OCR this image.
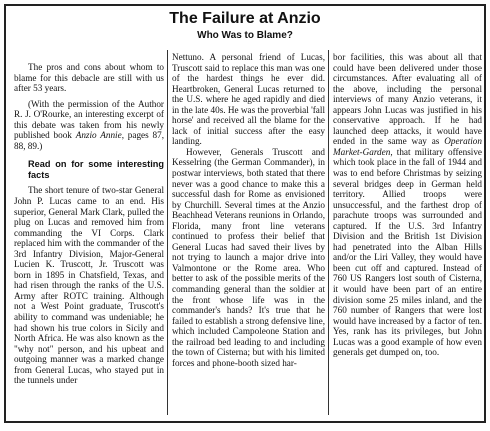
The Failure at Anzio
Who Was to Blame?

The pros and cons about whom to blame for this debacle are still with us after 53 years.

(With the permission of the Author R. J. O'Rourke, an interesting excerpt of this debate was taken from his newly published book Anzio Annie, pages 87, 88, 89.)

Read on for some interesting facts

The short tenure of two-star General John P. Lucas came to an end. His superior, General Mark Clark, pulled the plug on Lucas and removed him from commanding the VI Corps. Clark replaced him with the commander of the 3rd Infantry Division, Major-General Lucien K. Truscott, Jr. Truscott was born in 1895 in Chatsfield, Texas, and had risen through the ranks of the U.S. Army after ROTC training. Although not a West Point graduate, Truscott's ability to command was undeniable; he had shown his true colors in Sicily and North Africa. He was also known as the "why not" person, and his upbeat and outgoing manner was a marked change from General Lucas, who stayed put in the tunnels under

Nettuno. A personal friend of Lucas, Truscott said to replace this man was one of the hardest things he ever did. Heartbroken, General Lucas returned to the U.S. where he aged rapidly and died in the late 40s. He was the proverbial 'fall horse' and received all the blame for the lack of initial success after the easy landing.

However, Generals Truscott and Kesselring (the German Commander), in postwar interviews, both stated that there never was a good chance to make this a successful dash for Rome as envisioned by Churchill. Several times at the Anzio Beachhead Veterans reunions in Orlando, Florida, many front line veterans continued to profess their belief that General Lucas had saved their lives by not trying to launch a major drive into Valmontone or the Rome area. Who better to ask of the possible merits of the commanding general than the soldier at the front whose life was in the commander's hands? It's true that he failed to establish a strong defensive line, which included Campoleone Station and the railroad bed leading to and including the town of Cisterna; but with his limited forces and phone-booth sized har-

bor facilities, this was about all that could have been delivered under those circumstances. After evaluating all of the above, including the personal interviews of many Anzio veterans, it appears John Lucas was justified in his conservative approach. If he had launched deep attacks, it would have ended in the same way as Operation Market-Garden, that military offensive which took place in the fall of 1944 and was to end before Christmas by seizing several bridges deep in German held territory. Allied troops were unsuccessful, and the farthest drop of parachute troops was surrounded and captured. If the U.S. 3rd Infantry Division and the British 1st Division had penetrated into the Alban Hills and/or the Liri Valley, they would have been cut off and captured. Instead of 760 US Rangers lost south of Cisterna, it would have been part of an entire division some 25 miles inland, and the 760 number of Rangers that were lost would have increased by a factor of ten. Yes, rank has its privileges, but John Lucas was a good example of how even generals get dumped on, too.
